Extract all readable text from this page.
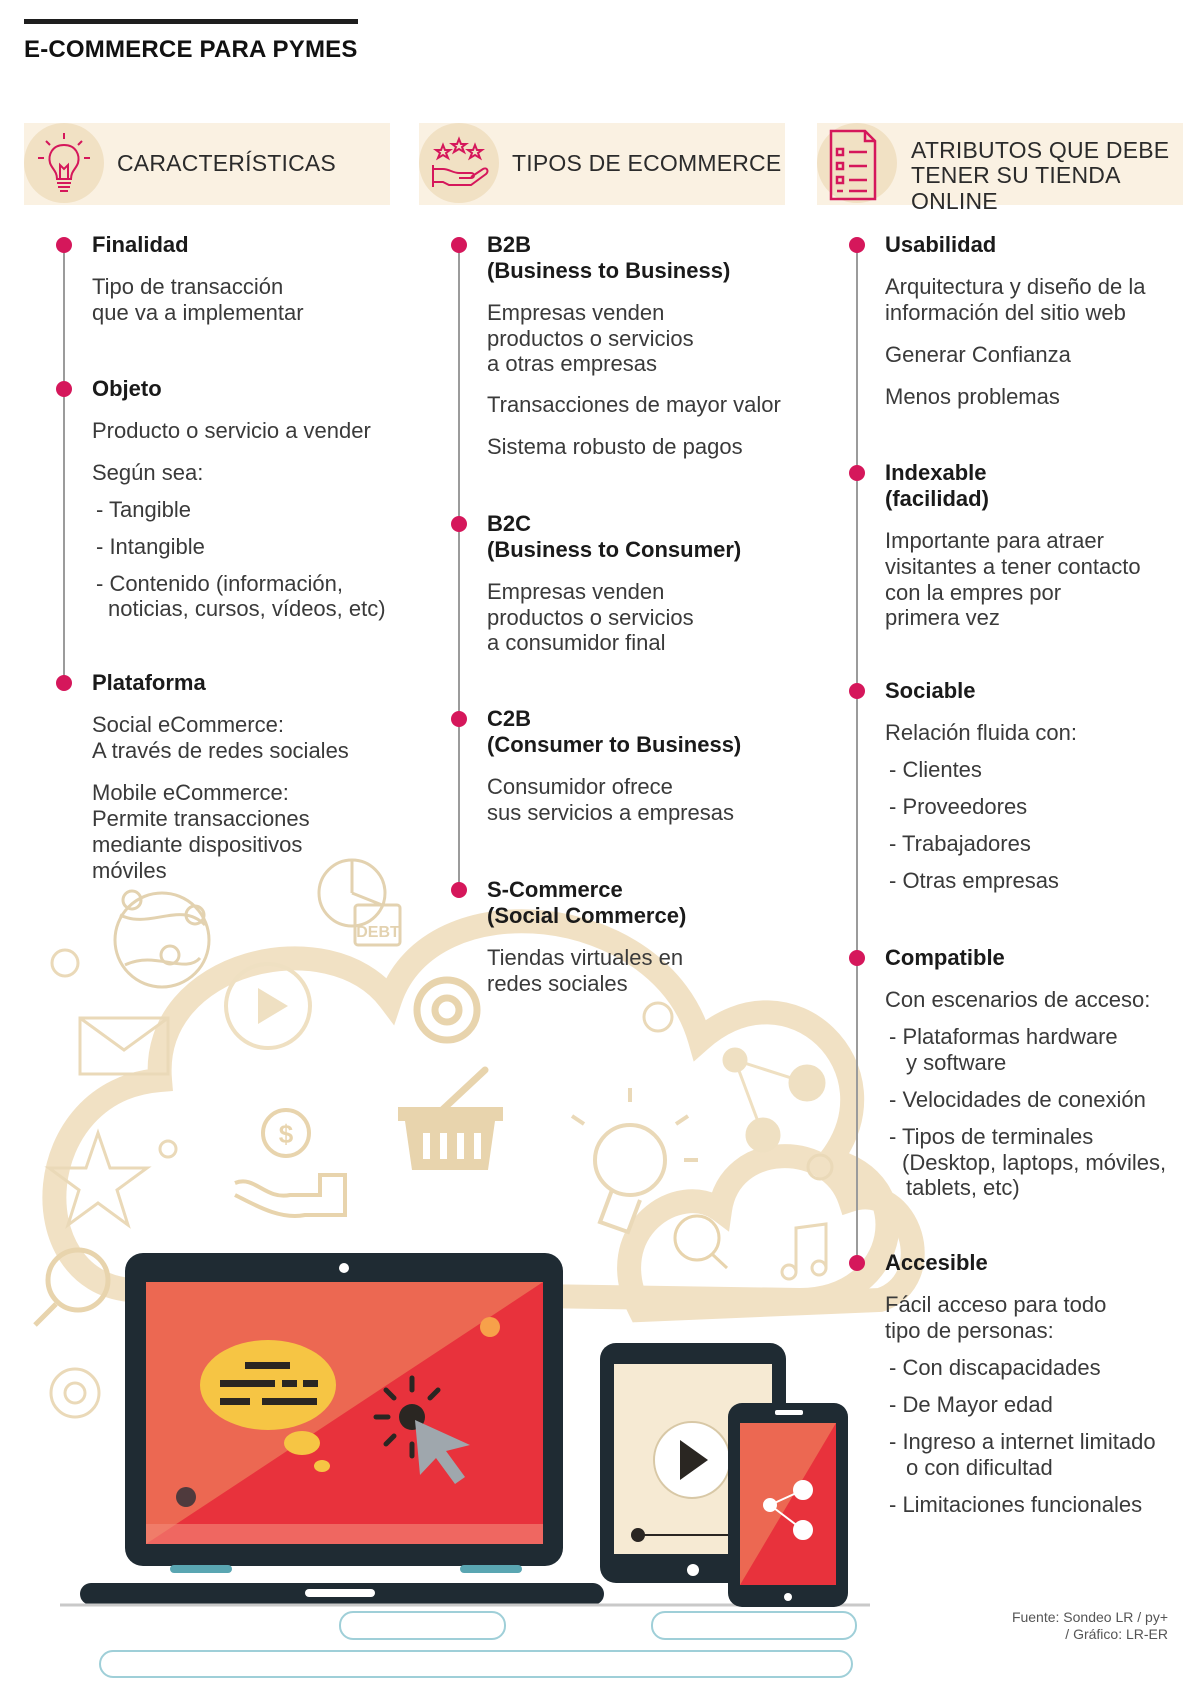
E-COMMERCE PARA PYMES
DEBT
$
CARACTERÍSTICAS	TIPOS DE ECOMMERCE	ATRIBUTOS QUE DEBE
TENER SU TIENDA ONLINE
Finalidad
Tipo de transacción
que va a implementar
Objeto
Producto o servicio a vender
Según sea:
- Tangible
- Intangible
- Contenido (información,
noticias, cursos, vídeos, etc)
Plataforma
Social eCommerce:
A través de redes sociales
Mobile eCommerce:
Permite transacciones
mediante dispositivos
móviles
B2B
(Business to Business)
Empresas venden
productos o servicios
a otras empresas
Transacciones de mayor valor
Sistema robusto de pagos
B2C
(Business to Consumer)
Empresas venden
productos o servicios
a consumidor final
C2B
(Consumer to Business)
Consumidor ofrece
sus servicios a empresas
S-Commerce
(Social Commerce)
Tiendas virtuales en
redes sociales
Usabilidad
Arquitectura y diseño de la
información del sitio web
Generar Confianza
Menos problemas
Indexable
(facilidad)
Importante para atraer
visitantes a tener contacto
con la empres por
primera vez
Sociable
Relación fluida con:
- Clientes
- Proveedores
- Trabajadores
- Otras empresas
Compatible
Con escenarios de acceso:
- Plataformas hardware
y software
- Velocidades de conexión
- Tipos de terminales
(Desktop, laptops, móviles,
tablets, etc)
Accesible
Fácil acceso para todo
tipo de personas:
- Con discapacidades
- De Mayor edad
- Ingreso a internet limitado
o con dificultad
- Limitaciones funcionales
Fuente: Sondeo LR / py+
/ Gráfico: LR-ER
